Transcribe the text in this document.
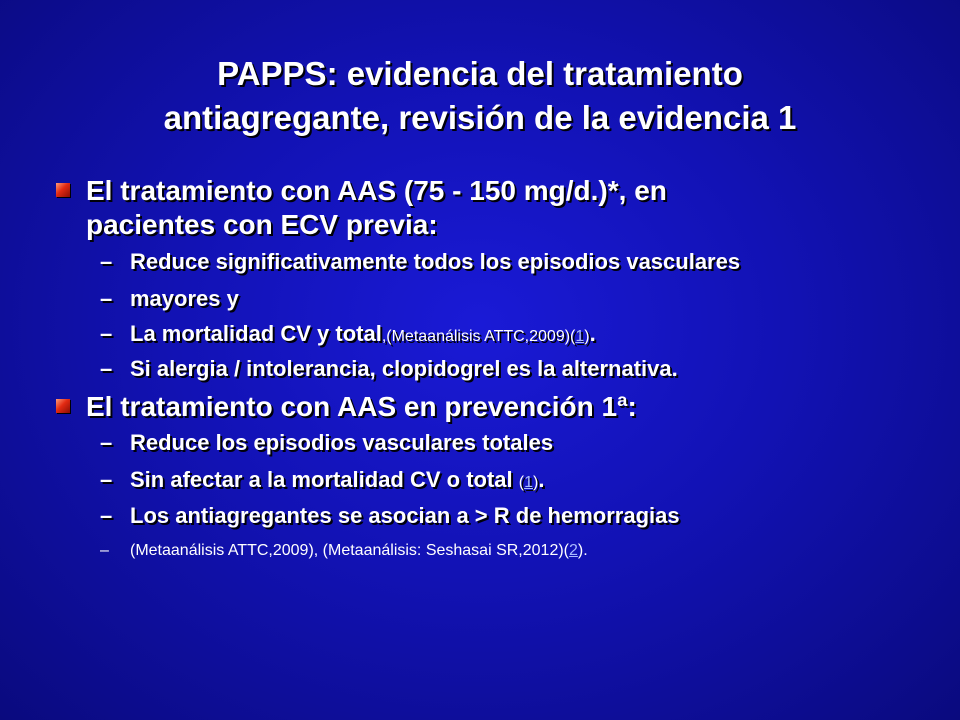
PAPPS: evidencia del tratamiento
antiagregante, revisión de la evidencia 1
El tratamiento con AAS (75 - 150 mg/d.)*, en
pacientes con ECV previa:
– Reduce significativamente todos los episodios vasculares
– mayores y
– La mortalidad CV y total,(Metaanálisis ATTC,2009)(1).
– Si alergia / intolerancia, clopidogrel es la alternativa.
El tratamiento con AAS en prevención 1ª:
– Reduce los episodios vasculares totales
– Sin afectar a la mortalidad CV o total (1).
– Los antiagregantes se asocian a > R de hemorragias
– (Metaanálisis ATTC,2009), (Metaanálisis: Seshasai SR,2012)(2).
